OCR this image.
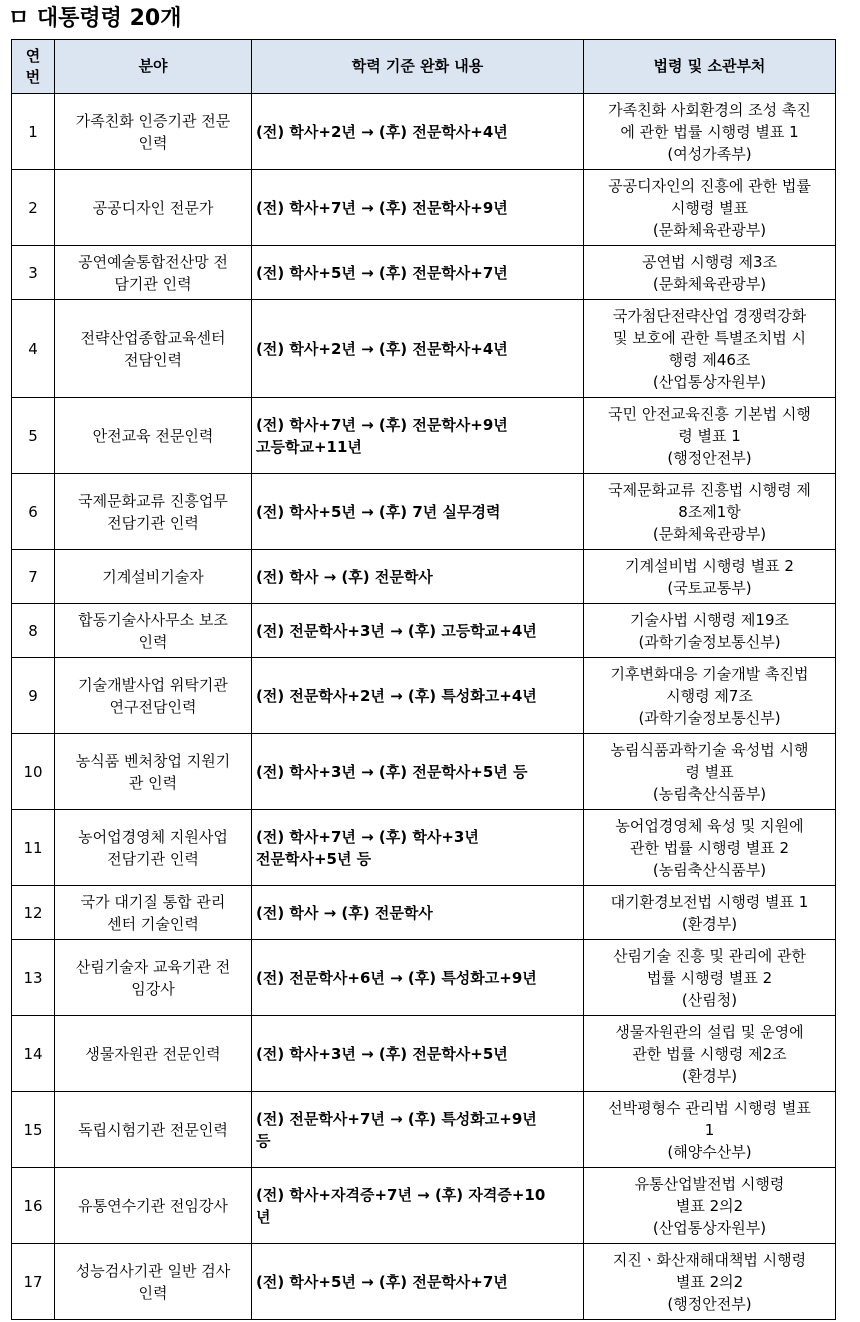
ㅁ 대통령령 20개
연
번	분야	학력 기준 완화 내용	법령 및 소관부처

1	가족친화 인증기관 전문
인력	(전) 학사+2년 → (후) 전문학사+4년	가족친화 사회환경의 조성 촉진
에 관한 법률 시행령 별표 1
(여성가족부)

2	공공디자인 전문가	(전) 학사+7년 → (후) 전문학사+9년	공공디자인의 진흥에 관한 법률
시행령 별표
(문화체육관광부)

3	공연예술통합전산망 전
담기관 인력	(전) 학사+5년 → (후) 전문학사+7년	공연법 시행령 제3조
(문화체육관광부)

4	전략산업종합교육센터
전담인력	(전) 학사+2년 → (후) 전문학사+4년	국가첨단전략산업 경쟁력강화
및 보호에 관한 특별조치법 시
행령 제46조
(산업통상자원부)

5	안전교육 전문인력	(전) 학사+7년 → (후) 전문학사+9년
고등학교+11년	국민 안전교육진흥 기본법 시행
령 별표 1
(행정안전부)

6	국제문화교류 진흥업무
전담기관 인력	(전) 학사+5년 → (후) 7년 실무경력	국제문화교류 진흥법 시행령 제
8조제1항
(문화체육관광부)

7	기계설비기술자	(전) 학사 → (후) 전문학사	기계설비법 시행령 별표 2
(국토교통부)

8	합동기술사사무소 보조
인력	(전) 전문학사+3년 → (후) 고등학교+4년	기술사법 시행령 제19조
(과학기술정보통신부)

9	기술개발사업 위탁기관
연구전담인력	(전) 전문학사+2년 → (후) 특성화고+4년	기후변화대응 기술개발 촉진법
시행령 제7조
(과학기술정보통신부)

10	농식품 벤처창업 지원기
관 인력	(전) 학사+3년 → (후) 전문학사+5년 등	농림식품과학기술 육성법 시행
령 별표
(농림축산식품부)

11	농어업경영체 지원사업
전담기관 인력	(전) 학사+7년 → (후) 학사+3년
전문학사+5년 등	농어업경영체 육성 및 지원에
관한 법률 시행령 별표 2
(농림축산식품부)

12	국가 대기질 통합 관리
센터 기술인력	(전) 학사 → (후) 전문학사	대기환경보전법 시행령 별표 1
(환경부)

13	산림기술자 교육기관 전
임강사	(전) 전문학사+6년 → (후) 특성화고+9년	산림기술 진흥 및 관리에 관한
법률 시행령 별표 2
(산림청)

14	생물자원관 전문인력	(전) 학사+3년 → (후) 전문학사+5년	생물자원관의 설립 및 운영에
관한 법률 시행령 제2조
(환경부)

15	독립시험기관 전문인력	(전) 전문학사+7년 → (후) 특성화고+9년
등	선박평형수 관리법 시행령 별표
1
(해양수산부)

16	유통연수기관 전임강사	(전) 학사+자격증+7년 → (후) 자격증+10
년	유통산업발전법 시행령
별표 2의2
(산업통상자원부)

17	성능검사기관 일반 검사
인력	(전) 학사+5년 → (후) 전문학사+7년	지진ㆍ화산재해대책법 시행령
별표 2의2
(행정안전부)
